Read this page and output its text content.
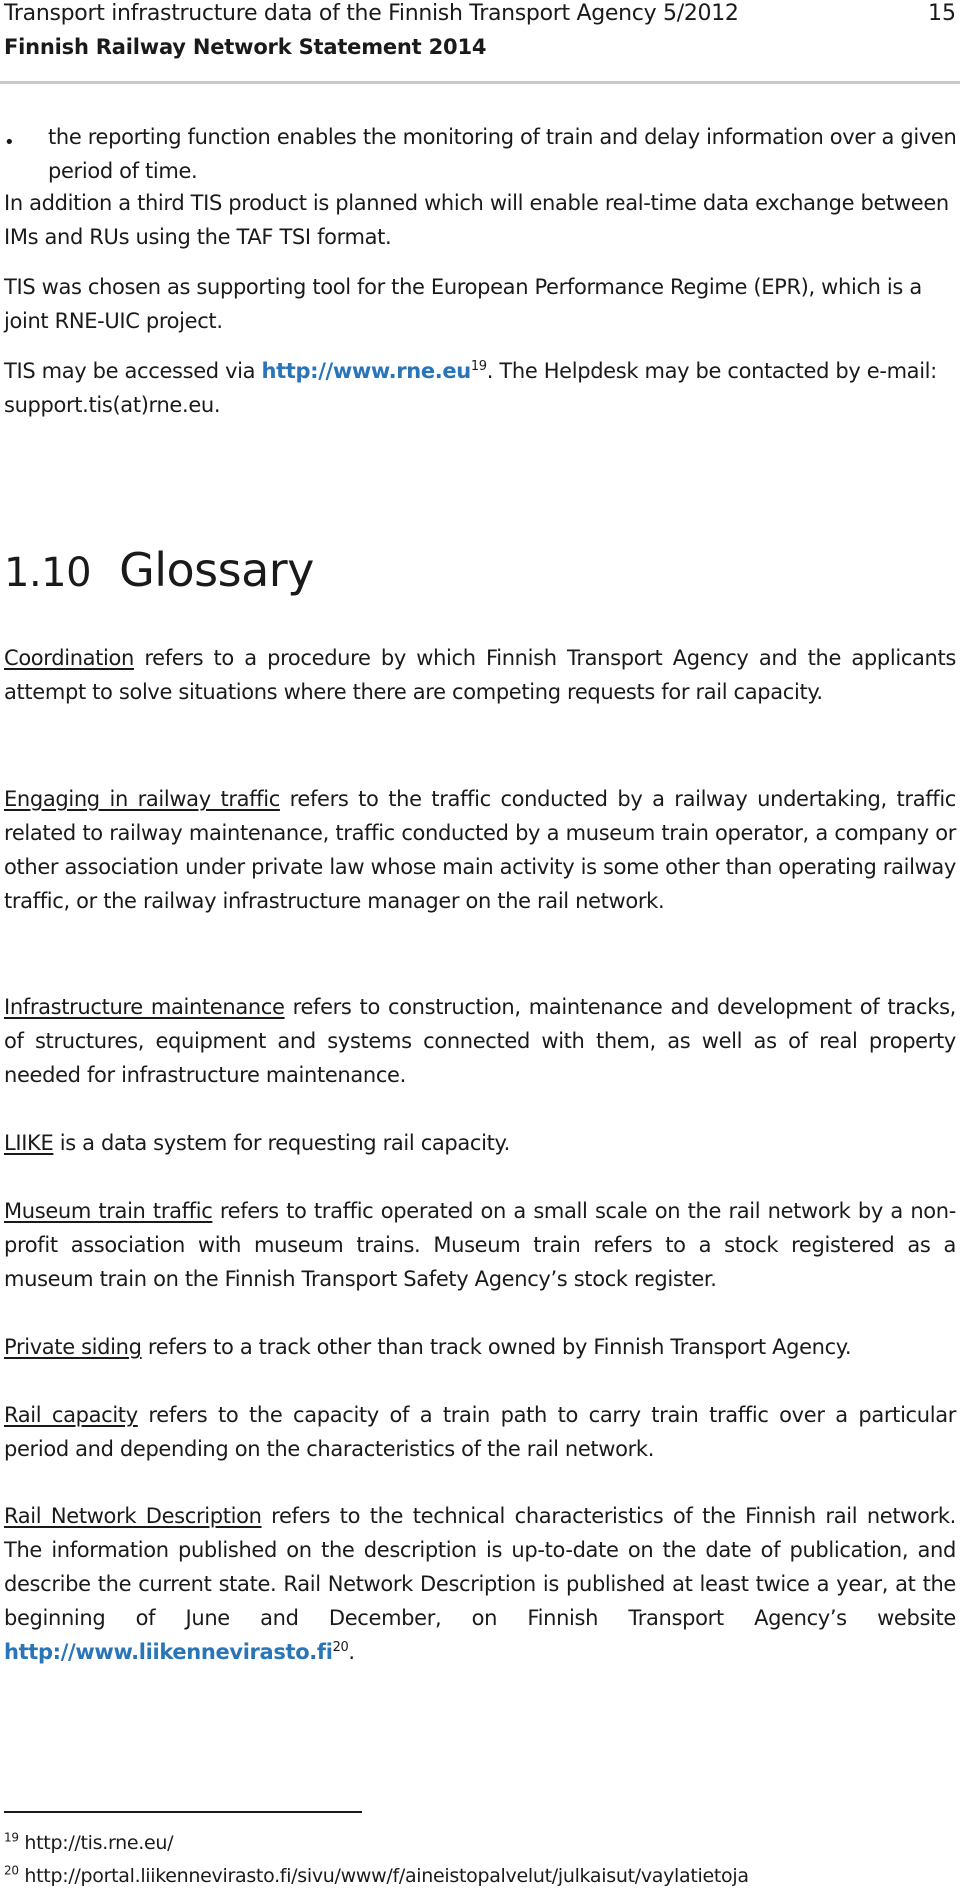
Transport infrastructure data of the Finnish Transport Agency 5/2012
Finnish Railway Network Statement 2014
15
• the reporting function enables the monitoring of train and delay information over a given period of time.
In addition a third TIS product is planned which will enable real-time data exchange between IMs and RUs using the TAF TSI format.
TIS was chosen as supporting tool for the European Performance Regime (EPR), which is a joint RNE-UIC project.
TIS may be accessed via $http://www.rne.eu^{19}$. The Helpdesk may be contacted by e-mail: support.tis(at)rne.eu.
1.10 Glossary
Coordination refers to a procedure by which Finnish Transport Agency and the applicants attempt to solve situations where there are competing requests for rail capacity.
Engaging in railway traffic refers to the traffic conducted by a railway undertaking, traffic related to railway maintenance, traffic conducted by a museum train operator, a company or other association under private law whose main activity is some other than operating railway traffic, or the railway infrastructure manager on the rail network.
Infrastructure maintenance refers to construction, maintenance and development of tracks, of structures, equipment and systems connected with them, as well as of real property needed for infrastructure maintenance.
LIIKE is a data system for requesting rail capacity.
Museum train traffic refers to traffic operated on a small scale on the rail network by a non-profit association with museum trains. Museum train refers to a stock registered as a museum train on the Finnish Transport Safety Agency’s stock register.
Private siding refers to a track other than track owned by Finnish Transport Agency.
Rail capacity refers to the capacity of a train path to carry train traffic over a particular period and depending on the characteristics of the rail network.
Rail Network Description refers to the technical characteristics of the Finnish rail network. The information published on the description is up-to-date on the date of publication, and describe the current state. Rail Network Description is published at least twice a year, at the beginning of June and December, on Finnish Transport Agency’s website $http://www.liikennevirasto.fi^{20}$.
$^{19}$ http://tis.rne.eu/
$^{20}$ http://portal.liikennevirasto.fi/sivu/www/f/aineistopalvelut/julkaisut/vaylatietoja
